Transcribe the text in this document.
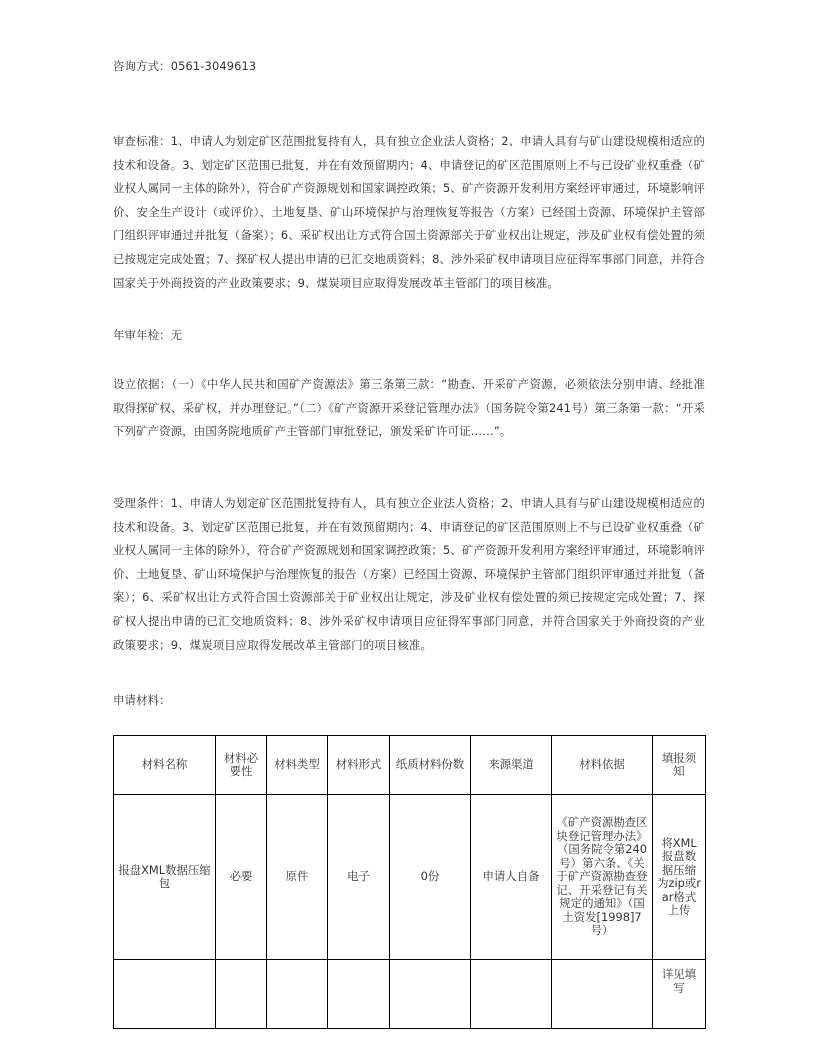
咨询方式：0561-3049613

审查标准：1、申请人为划定矿区范围批复持有人，具有独立企业法人资格；2、申请人具有与矿山建设规模相适应的技术和设备。3、划定矿区范围已批复，并在有效预留期内；4、申请登记的矿区范围原则上不与已设矿业权重叠（矿业权人属同一主体的除外），符合矿产资源规划和国家调控政策；5、矿产资源开发利用方案经评审通过，环境影响评价、安全生产设计（或评价）、土地复垦、矿山环境保护与治理恢复等报告（方案）已经国土资源、环境保护主管部门组织评审通过并批复（备案）；6、采矿权出让方式符合国土资源部关于矿业权出让规定，涉及矿业权有偿处置的须已按规定完成处置；7、探矿权人提出申请的已汇交地质资料；8、涉外采矿权申请项目应征得军事部门同意，并符合国家关于外商投资的产业政策要求；9、煤炭项目应取得发展改革主管部门的项目核准。

年审年检：无

设立依据：（一）《中华人民共和国矿产资源法》第三条第三款：“勘查、开采矿产资源，必须依法分别申请、经批准取得探矿权、采矿权，并办理登记。”（二）《矿产资源开采登记管理办法》（国务院令第241号）第三条第一款：“开采下列矿产资源，由国务院地质矿产主管部门审批登记，颁发采矿许可证……”。

受理条件：1、申请人为划定矿区范围批复持有人，具有独立企业法人资格；2、申请人具有与矿山建设规模相适应的技术和设备。3、划定矿区范围已批复，并在有效预留期内；4、申请登记的矿区范围原则上不与已设矿业权重叠（矿业权人属同一主体的除外），符合矿产资源规划和国家调控政策；5、矿产资源开发利用方案经评审通过，环境影响评价、土地复垦、矿山环境保护与治理恢复的报告（方案）已经国土资源、环境保护主管部门组织评审通过并批复（备案）；6、采矿权出让方式符合国土资源部关于矿业权出让规定，涉及矿业权有偿处置的须已按规定完成处置；7、探矿权人提出申请的已汇交地质资料；8、涉外采矿权申请项目应征得军事部门同意，并符合国家关于外商投资的产业政策要求；9、煤炭项目应取得发展改革主管部门的项目核准。

申请材料：

材料名称	材料必要性	材料类型	材料形式	纸质材料份数	来源渠道	材料依据	填报须知
报盘XML数据压缩包	必要	原件	电子	0份	申请人自备	《矿产资源勘查区块登记管理办法》（国务院令第240号）第六条、《关于矿产资源勘查登记、开采登记有关规定的通知》（国土资发[1998]7号）	将XML报盘数据压缩为zip或rar格式上传
							详见填写
